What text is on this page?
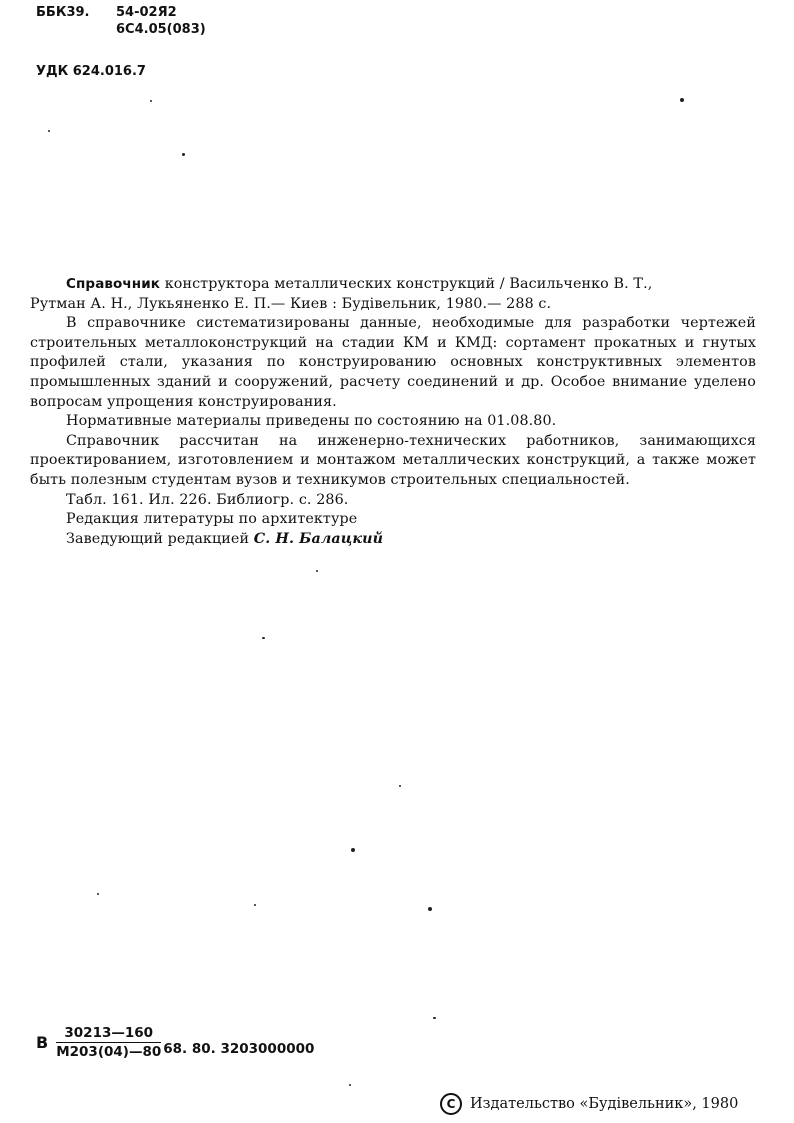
ББК39.	54-02Я2
6С4.05(083)
УДК 624.016.7

Справочник конструктора металлических конструкций / Васильченко В. Т.,

Рутман А. Н., Лукьяненко Е. П.— Киев : Будівельник, 1980.— 288 с.

В справочнике систематизированы данные, необходимые для разработки чертежей строительных металлоконструкций на стадии КМ и КМД: сортамент прокатных и гнутых профилей стали, указания по конструированию основных конструктивных элементов промышленных зданий и сооружений, расчету соединений и др. Особое внимание уделено вопросам упрощения конструирования.

Нормативные материалы приведены по состоянию на 01.08.80.

Справочник рассчитан на инженерно-технических работников, занимающихся проектированием, изготовлением и монтажом металлических конструкций, а также может быть полезным студентам вузов и техникумов строительных специальностей.

Табл. 161. Ил. 226. Библиогр. с. 286.

Редакция литературы по архитектуре

Заведующий редакцией С. Н. Балацкий

В $\frac{30213—160}{М203(04)—80} 68$. 80. 3203000000
C	Издательство «Будівельник», 1980
